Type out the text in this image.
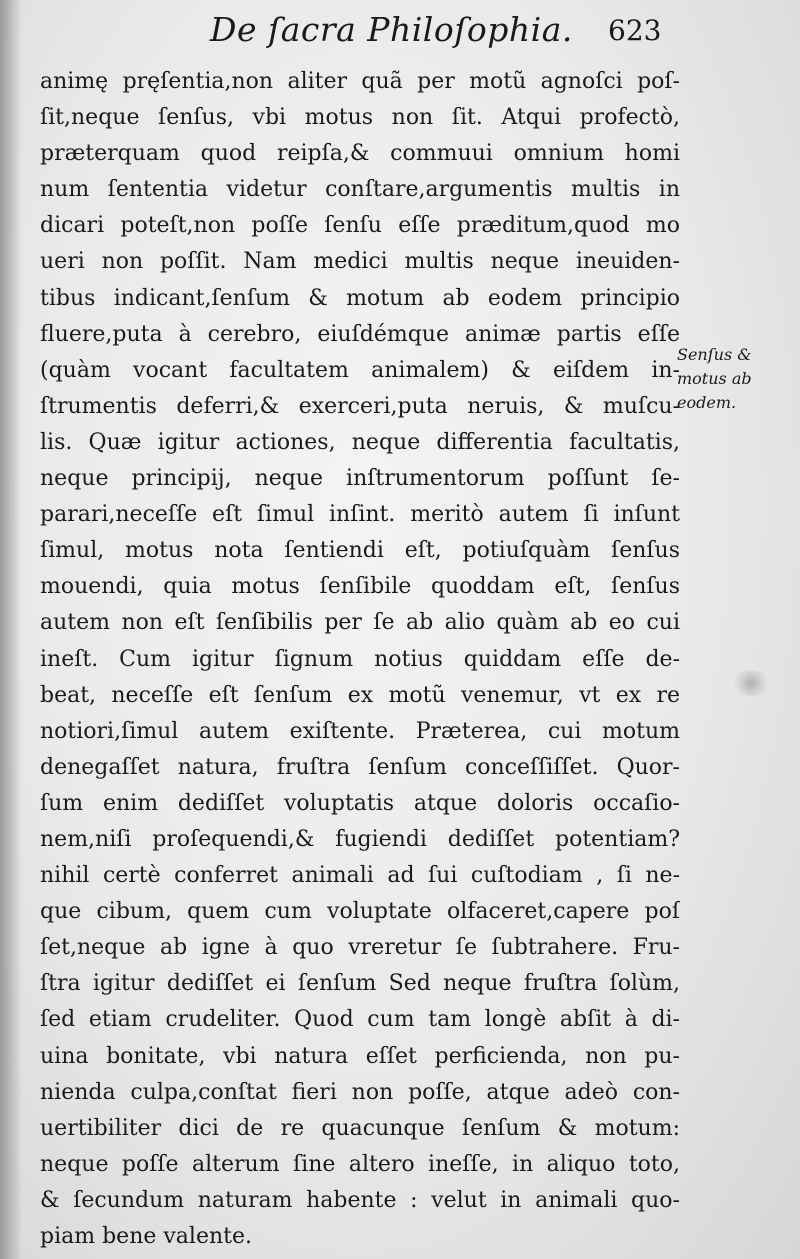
De ſacra Philoſophia. 623
animę pręſentia,non aliter quã per motũ agnoſci poſ-
ſit,neque ſenſus, vbi motus non ſit. Atqui profectò,
præterquam quod reipſa,& commuui omnium homi
num ſententia videtur conſtare,argumentis multis in
dicari poteſt,non poſſe ſenſu eſſe præditum,quod mo
ueri non poſſit. Nam medici multis neque ineuiden-
tibus indicant,ſenſum & motum ab eodem principio
fluere,puta à cerebro, eiuſdémque animæ partis eſſe
(quàm vocant facultatem animalem) & eiſdem in-
ſtrumentis deferri,& exerceri,puta neruis, & muſcu-
lis. Quæ igitur actiones, neque differentia facultatis,
neque principij, neque inſtrumentorum poſſunt ſe-
parari,neceſſe eſt ſimul inſint. meritò autem ſi inſunt
ſimul, motus nota ſentiendi eſt, potiuſquàm ſenſus
mouendi, quia motus ſenſibile quoddam eſt, ſenſus
autem non eſt ſenſibilis per ſe ab alio quàm ab eo cui
ineſt. Cum igitur ſignum notius quiddam eſſe de-
beat, neceſſe eſt ſenſum ex motũ venemur, vt ex re
notiori,ſimul autem exiſtente. Præterea, cui motum
denegaſſet natura, fruſtra ſenſum conceſſiſſet. Quor-
ſum enim dediſſet voluptatis atque doloris occaſio-
nem,niſi proſequendi,& fugiendi dediſſet potentiam?
nihil certè conferret animali ad ſui cuſtodiam , ſi ne-
que cibum, quem cum voluptate olfaceret,capere poſ
ſet,neque ab igne à quo vreretur ſe ſubtrahere. Fru-
ſtra igitur dediſſet ei ſenſum Sed neque fruſtra ſolùm,
ſed etiam crudeliter. Quod cum tam longè abſit à di-
uina bonitate, vbi natura eſſet perficienda, non pu-
nienda culpa,conſtat fieri non poſſe, atque adeò con-
uertibiliter dici de re quacunque ſenſum & motum:
neque poſſe alterum ſine altero ineſſe, in aliquo toto,
& ſecundum naturam habente : velut in animali quo-
piam bene valente.
Senſus &
motus ab
eodem.
